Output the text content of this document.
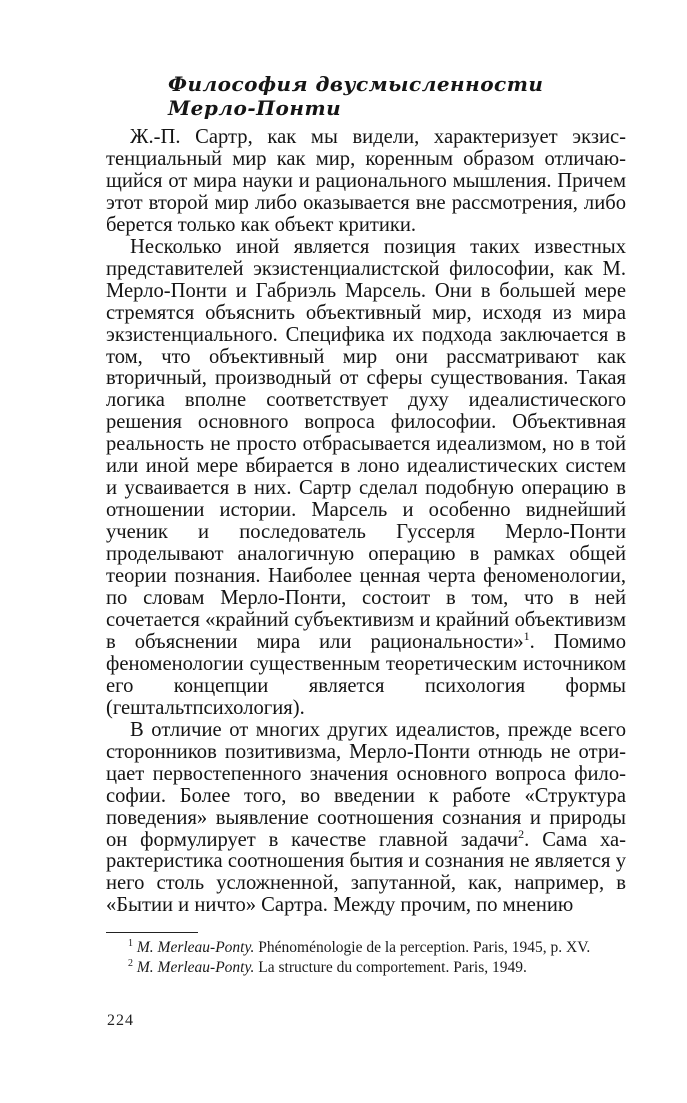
Философия двусмысленности
Мерло-Понти

Ж.-П. Сартр, как мы видели, характеризует экзистенциальный мир как мир, коренным образом отличающийся от мира науки и рационального мышления. Причем этот второй мир либо оказывается вне рассмотрения, либо берется только как объект критики.

Несколько иной является позиция таких известных представителей экзистенциалистской философии, как М. Мерло-Понти и Габриэль Марсель. Они в большей мере стремятся объяснить объективный мир, исходя из мира экзистенциального. Специфика их подхода заключается в том, что объективный мир они рассматривают как вторичный, производный от сферы существования. Такая логика вполне соответствует духу идеалистического решения основного вопроса философии. Объективная реальность не просто отбрасывается идеализмом, но в той или иной мере вбирается в лоно идеалистических систем и усваивается в них. Сартр сделал подобную операцию в отношении истории. Марсель и особенно виднейший ученик и последователь Гуссерля Мерло-Понти проделывают аналогичную операцию в рамках общей теории познания. Наиболее ценная черта феноменологии, по словам Мерло-Понти, состоит в том, что в ней сочетается «крайний субъективизм и крайний объективизм в объяснении мира или рациональности»$^1$. Помимо феноменологии существенным теоретическим источником его концепции является психология формы (гештальтпсихология).

В отличие от многих других идеалистов, прежде всего сторонников позитивизма, Мерло-Понти отнюдь не отрицает первостепенного значения основного вопроса философии. Более того, во введении к работе «Структура поведения» выявление соотношения сознания и природы он формулирует в качестве главной задачи$^2$. Сама характеристика соотношения бытия и сознания не является у него столь усложненной, запутанной, как, например, в «Бытии и ничто» Сартра. Между прочим, по мнению

$^1$ M. Merleau-Ponty. Phénoménologie de la perception. Paris, 1945, p. XV.

$^2$ M. Merleau-Ponty. La structure du comportement. Paris, 1949.

224
